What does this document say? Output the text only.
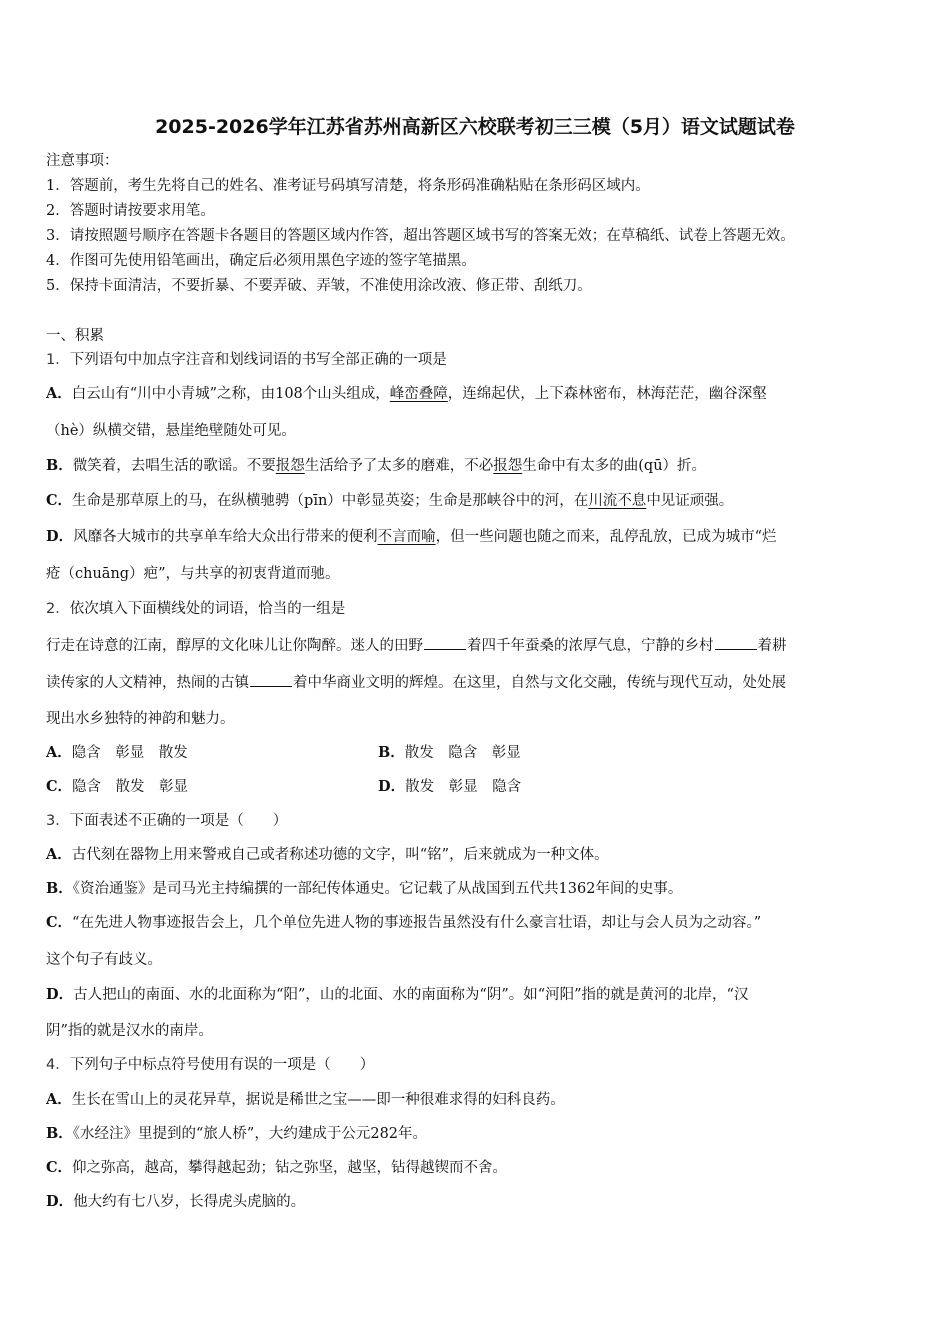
2025-2026学年江苏省苏州高新区六校联考初三三模（5月）语文试题试卷
注意事项：
1．答题前，考生先将自己的姓名、准考证号码填写清楚，将条形码准确粘贴在条形码区域内。
2．答题时请按要求用笔。
3．请按照题号顺序在答题卡各题目的答题区域内作答，超出答题区域书写的答案无效；在草稿纸、试卷上答题无效。
4．作图可先使用铅笔画出，确定后必须用黑色字迹的签字笔描黑。
5．保持卡面清洁，不要折暴、不要弄破、弄皱，不准使用涂改液、修正带、刮纸刀。
一、积累
1．下列语句中加点字注音和划线词语的书写全部正确的一项是
A．白云山有“川中小青城”之称，由108个山头组成，峰峦叠障，连绵起伏，上下森林密布，林海茫茫，幽谷深壑
（hè）纵横交错，悬崖绝壁随处可见。
B．微笑着，去唱生活的歌谣。不要报怨生活给予了太多的磨难，不必报怨生命中有太多的曲(qū）折。
C．生命是那草原上的马，在纵横驰骋（pīn）中彰显英姿；生命是那峡谷中的河，在川流不息中见证顽强。
D．风靡各大城市的共享单车给大众出行带来的便利不言而喻，但一些问题也随之而来，乱停乱放，已成为城市“烂
疮（chuāng）疤”，与共享的初衷背道而驰。
2．依次填入下面横线处的词语，恰当的一组是
行走在诗意的江南，醇厚的文化味儿让你陶醉。迷人的田野	着四千年蚕桑的浓厚气息，宁静的乡村	着耕
读传家的人文精神，热闹的古镇	着中华商业文明的辉煌。在这里，自然与文化交融，传统与现代互动，处处展
现出水乡独特的神韵和魅力。
A．隐含　彰显　散发	B．散发　隐含　彰显
C．隐含　散发　彰显	D．散发　彰显　隐含
3．下面表述不正确的一项是（　　）
A．古代刻在器物上用来警戒自己或者称述功德的文字，叫“铭”，后来就成为一种文体。
B．《资治通鉴》是司马光主持编撰的一部纪传体通史。它记载了从战国到五代共1362年间的史事。
C．“在先进人物事迹报告会上，几个单位先进人物的事迹报告虽然没有什么豪言壮语，却让与会人员为之动容。”
这个句子有歧义。
D．古人把山的南面、水的北面称为“阳”，山的北面、水的南面称为“阴”。如“河阳”指的就是黄河的北岸，“汉
阴”指的就是汉水的南岸。
4．下列句子中标点符号使用有误的一项是（　　）
A．生长在雪山上的灵花异草，据说是稀世之宝——即一种很难求得的妇科良药。
B．《水经注》里提到的“旅人桥”，大约建成于公元282年。
C．仰之弥高，越高，攀得越起劲；钻之弥坚，越坚，钻得越锲而不舍。
D．他大约有七八岁，长得虎头虎脑的。
